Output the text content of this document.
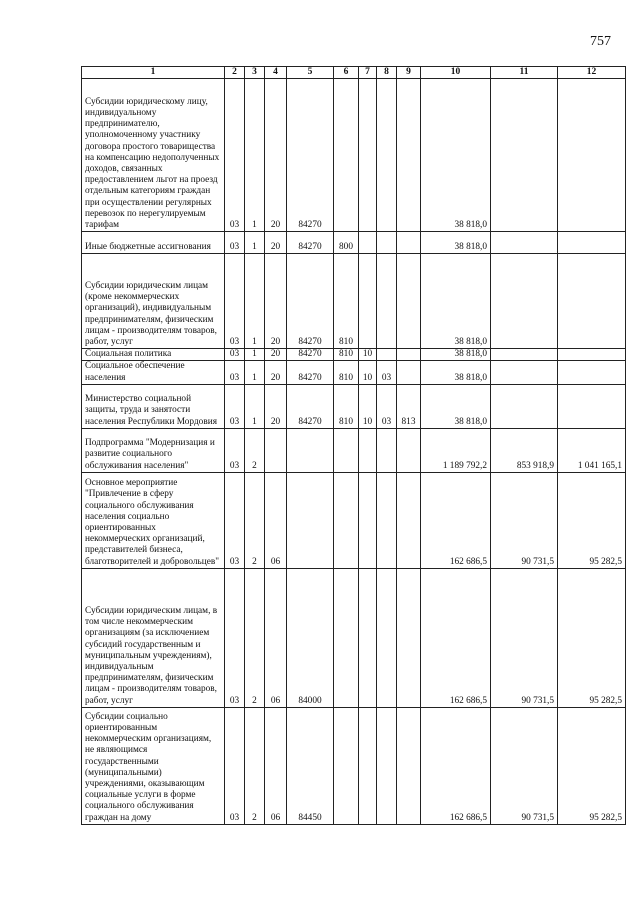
757
1	2	3	4	5	6	7	8	9	10	11	12
Субсидии юридическому лицу, индивидуальному предпринимателю, уполномоченному участнику договора простого товарищества на компенсацию недополученных доходов, связанных предоставлением льгот на проезд отдельным категориям граждан при осуществлении регулярных перевозок по нерегулируемым тарифам	03	1	20	84270					38 818,0		
Иные бюджетные ассигнования	03	1	20	84270	800				38 818,0		
Субсидии юридическим лицам (кроме некоммерческих организаций), индивидуальным предпринимателям, физическим лицам - производителям товаров, работ, услуг	03	1	20	84270	810				38 818,0		
Социальная политика	03	1	20	84270	810	10			38 818,0		
Социальное обеспечение населения	03	1	20	84270	810	10	03		38 818,0		
Министерство социальной защиты, труда и занятости населения Республики Мордовия	03	1	20	84270	810	10	03	813	38 818,0		
Подпрограмма "Модернизация и развитие социального обслуживания населения"	03	2							1 189 792,2	853 918,9	1 041 165,1
Основное мероприятие "Привлечение в сферу социального обслуживания населения социально ориентированных некоммерческих организаций, представителей бизнеса, благотворителей и добровольцев"	03	2	06						162 686,5	90 731,5	95 282,5
Субсидии юридическим лицам, в том числе некоммерческим организациям (за исключением субсидий государственным и муниципальным учреждениям), индивидуальным предпринимателям, физическим лицам - производителям товаров, работ, услуг	03	2	06	84000					162 686,5	90 731,5	95 282,5
Субсидии социально ориентированным некоммерческим организациям, не являющимся государственными (муниципальными) учреждениями, оказывающим социальные услуги в форме социального обслуживания граждан на дому	03	2	06	84450					162 686,5	90 731,5	95 282,5
